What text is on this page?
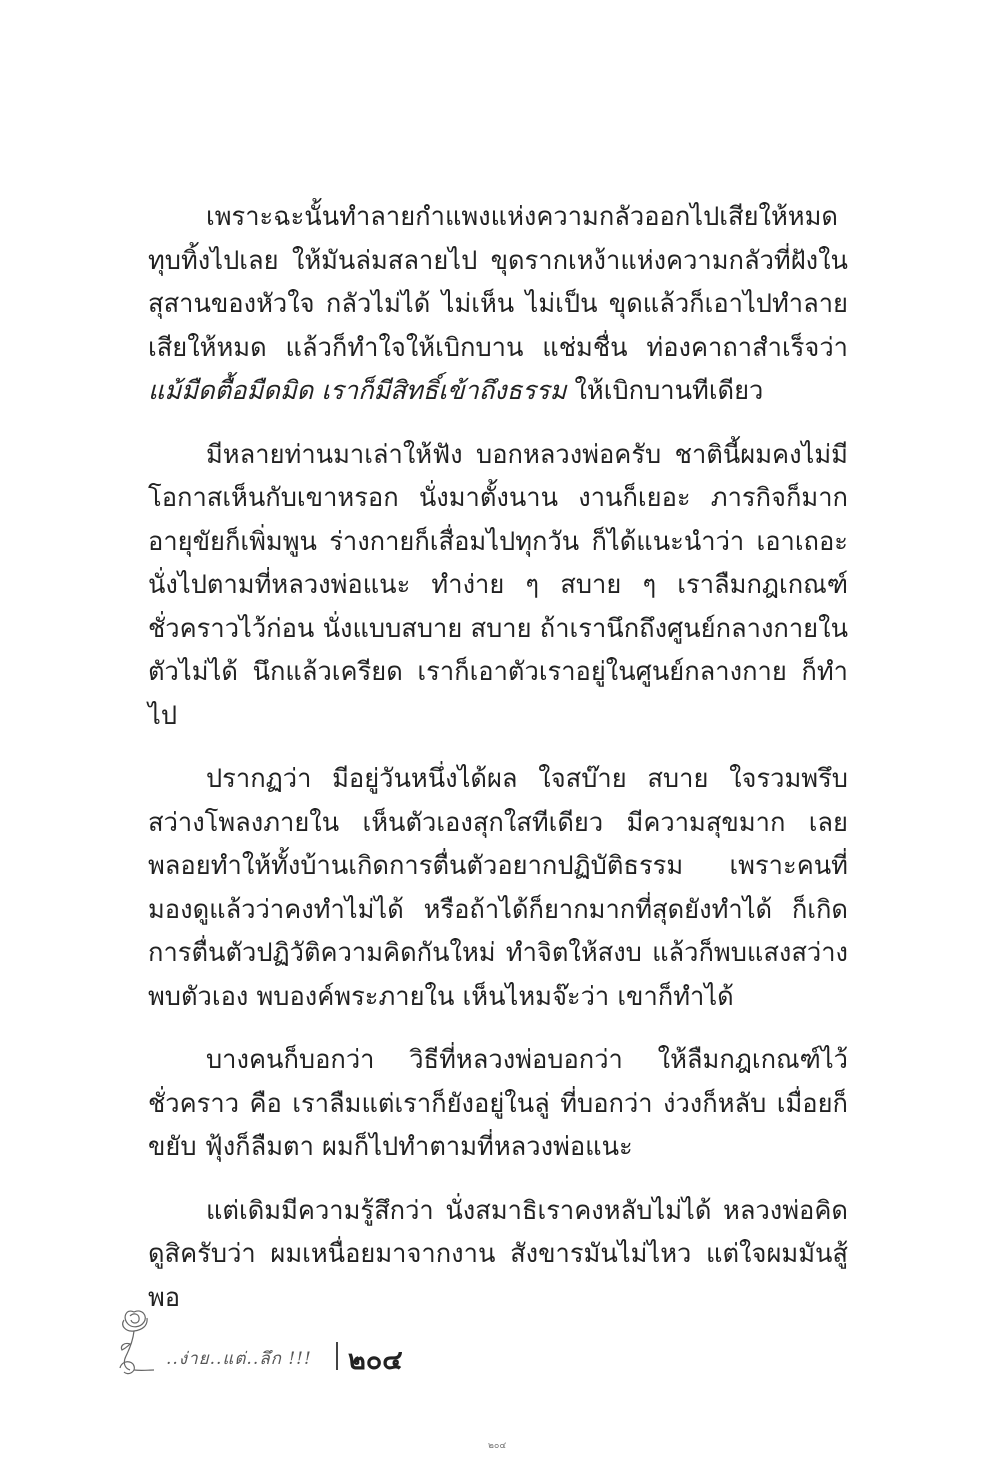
เพราะฉะนั้นทำลายกำแพงแห่งความกลัวออกไปเสียให้หมด ทุบทิ้งไปเลย ให้มันล่มสลายไป ขุดรากเหง้าแห่งความกลัวที่ฝังในสุสานของหัวใจ กลัวไม่ได้ ไม่เห็น ไม่เป็น ขุดแล้วก็เอาไปทำลายเสียให้หมด แล้วก็ทำใจให้เบิกบาน แช่มชื่น ท่องคาถาสำเร็จว่า แม้มืดตื้อมืดมิด เราก็มีสิทธิ์เข้าถึงธรรม ให้เบิกบานทีเดียว

มีหลายท่านมาเล่าให้ฟัง บอกหลวงพ่อครับ ชาตินี้ผมคงไม่มีโอกาสเห็นกับเขาหรอก นั่งมาตั้งนาน งานก็เยอะ ภารกิจก็มาก อายุขัยก็เพิ่มพูน ร่างกายก็เสื่อมไปทุกวัน ก็ได้แนะนำว่า เอาเถอะ นั่งไปตามที่หลวงพ่อแนะ ทำง่าย ๆ สบาย ๆ เราลืมกฎเกณฑ์ชั่วคราวไว้ก่อน นั่งแบบสบาย สบาย ถ้าเรานึกถึงศูนย์กลางกายในตัวไม่ได้ นึกแล้วเครียด เราก็เอาตัวเราอยู่ในศูนย์กลางกาย ก็ทำไป

ปรากฏว่า มีอยู่วันหนึ่งได้ผล ใจสบ๊าย สบาย ใจรวมพรึบ สว่างโพลงภายใน เห็นตัวเองสุกใสทีเดียว มีความสุขมาก เลยพลอยทำให้ทั้งบ้านเกิดการตื่นตัวอยากปฏิบัติธรรม เพราะคนที่มองดูแล้วว่าคงทำไม่ได้ หรือถ้าได้ก็ยากมากที่สุดยังทำได้ ก็เกิดการตื่นตัวปฏิวัติความคิดกันใหม่ ทำจิตให้สงบ แล้วก็พบแสงสว่าง พบตัวเอง พบองค์พระภายใน เห็นไหมจ๊ะว่า เขาก็ทำได้

บางคนก็บอกว่า วิธีที่หลวงพ่อบอกว่า ให้ลืมกฎเกณฑ์ไว้ชั่วคราว คือ เราลืมแต่เราก็ยังอยู่ในลู่ ที่บอกว่า ง่วงก็หลับ เมื่อยก็ขยับ ฟุ้งก็ลืมตา ผมก็ไปทำตามที่หลวงพ่อแนะ

แต่เดิมมีความรู้สึกว่า นั่งสมาธิเราคงหลับไม่ได้ หลวงพ่อคิดดูสิครับว่า ผมเหนื่อยมาจากงาน สังขารมันไม่ไหว แต่ใจผมมันสู้ พอ

..ง่าย..แต่..ลึก !!! ๒๐๔
๒๐๔
